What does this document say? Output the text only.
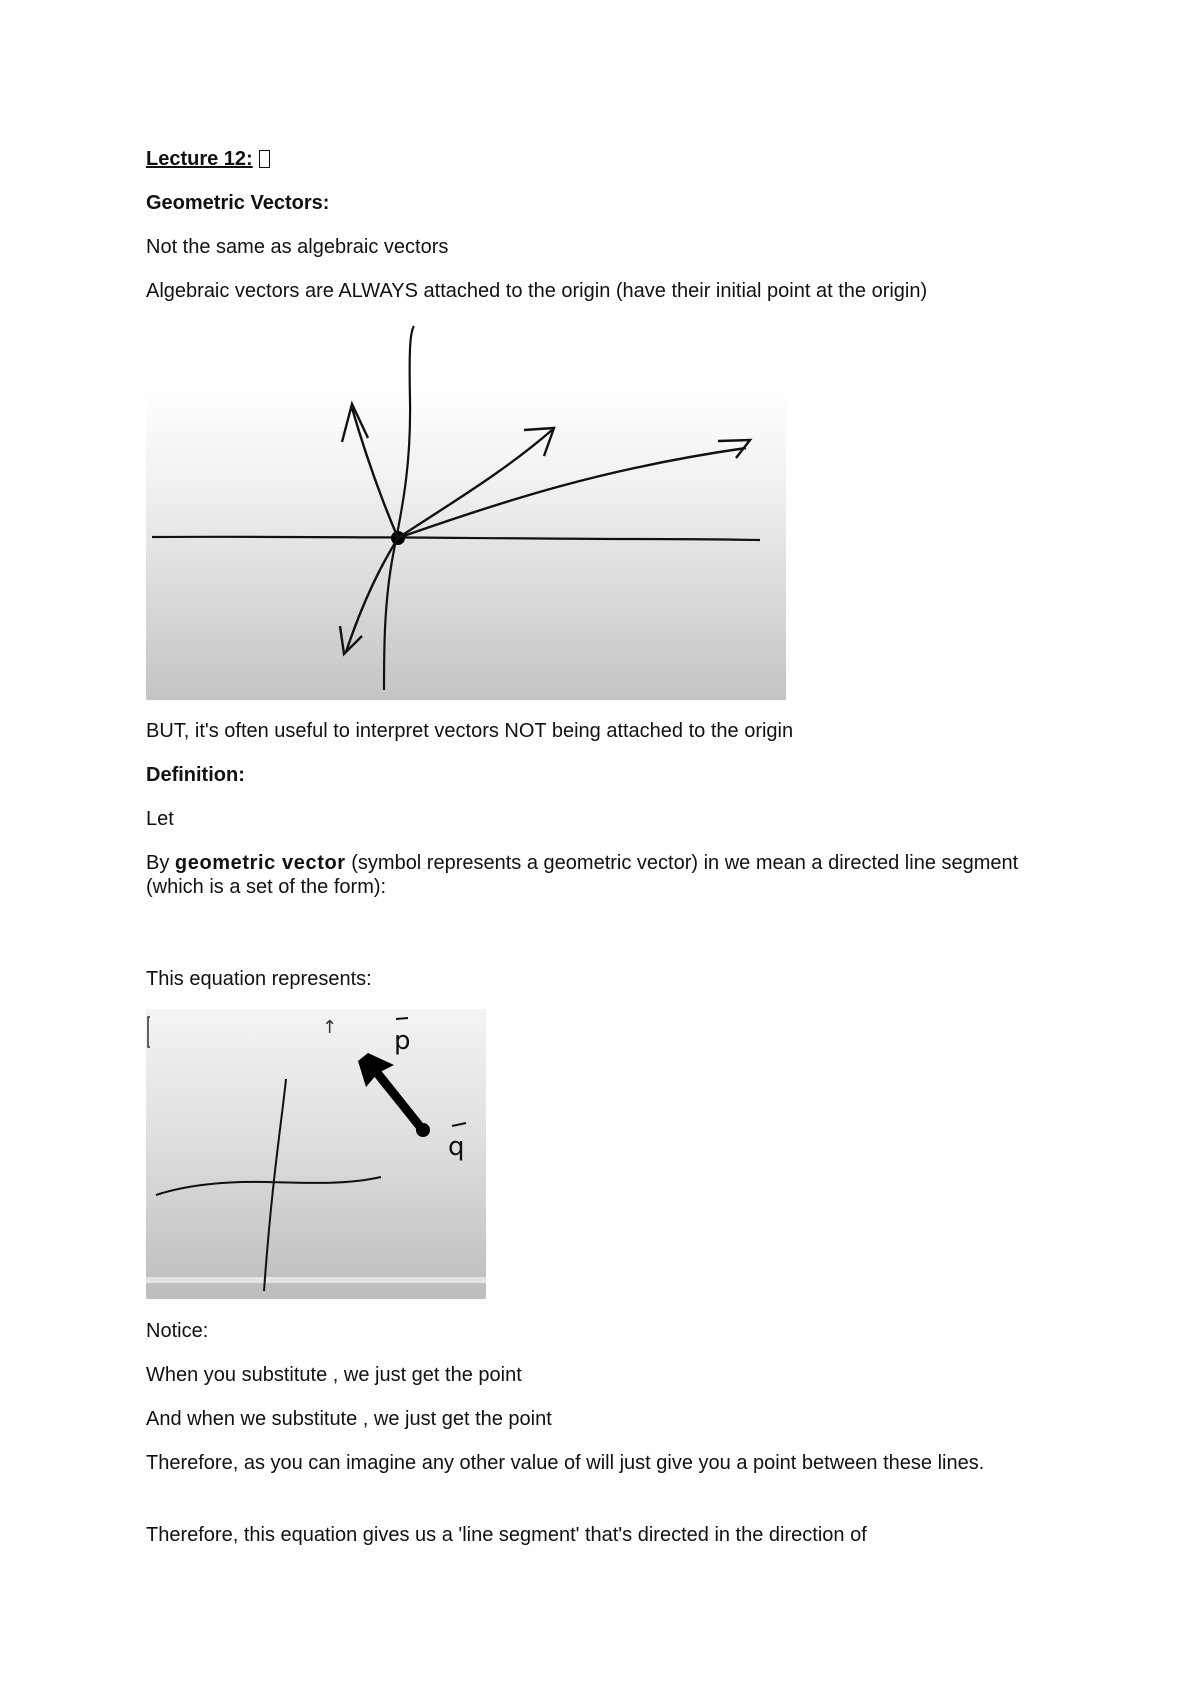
Lecture 12:
Geometric Vectors:
Not the same as algebraic vectors
Algebraic vectors are ALWAYS attached to the origin (have their initial point at the origin)
BUT, it's often useful to interpret vectors NOT being attached to the origin
Definition:
Let
By geometric vector (symbol represents a geometric vector) in we mean a directed line segment (which is a set of the form):
This equation represents:
p
q
↑
Notice:
When you substitute , we just get the point
And when we substitute , we just get the point
Therefore, as you can imagine any other value of will just give you a point between these lines.
Therefore, this equation gives us a 'line segment' that's directed in the direction of
